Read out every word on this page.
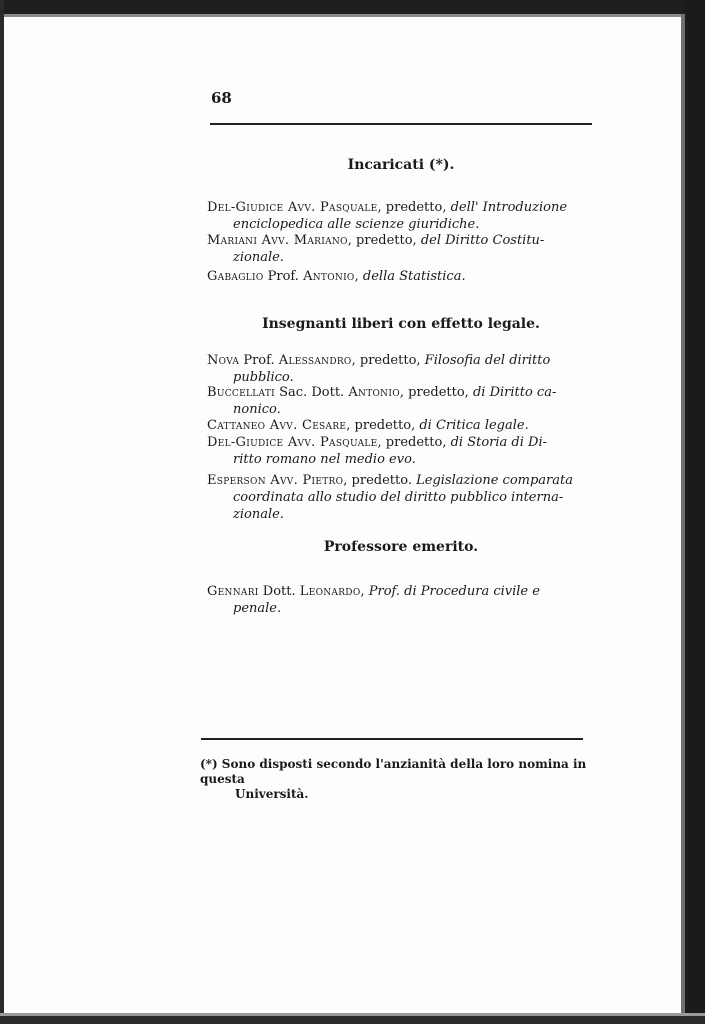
68
Incaricati (*).
Del-Giudice Avv. Pasquale, predetto, dell' Introduzione
enciclopedica alle scienze giuridiche.
Mariani Avv. Mariano, predetto, del Diritto Costitu-
zionale.
Gabaglio Prof. Antonio, della Statistica.
Insegnanti liberi con effetto legale.
Nova Prof. Alessandro, predetto, Filosofia del diritto
pubblico.
Buccellati Sac. Dott. Antonio, predetto, di Diritto ca-
nonico.
Cattaneo Avv. Cesare, predetto, di Critica legale.
Del-Giudice Avv. Pasquale, predetto, di Storia di Di-
ritto romano nel medio evo.
Esperson Avv. Pietro, predetto. Legislazione comparata
coordinata allo studio del diritto pubblico interna-
zionale.
Professore emerito.
Gennari Dott. Leonardo, Prof. di Procedura civile e
penale.
(*) Sono disposti secondo l'anzianità della loro nomina in questa
Università.
